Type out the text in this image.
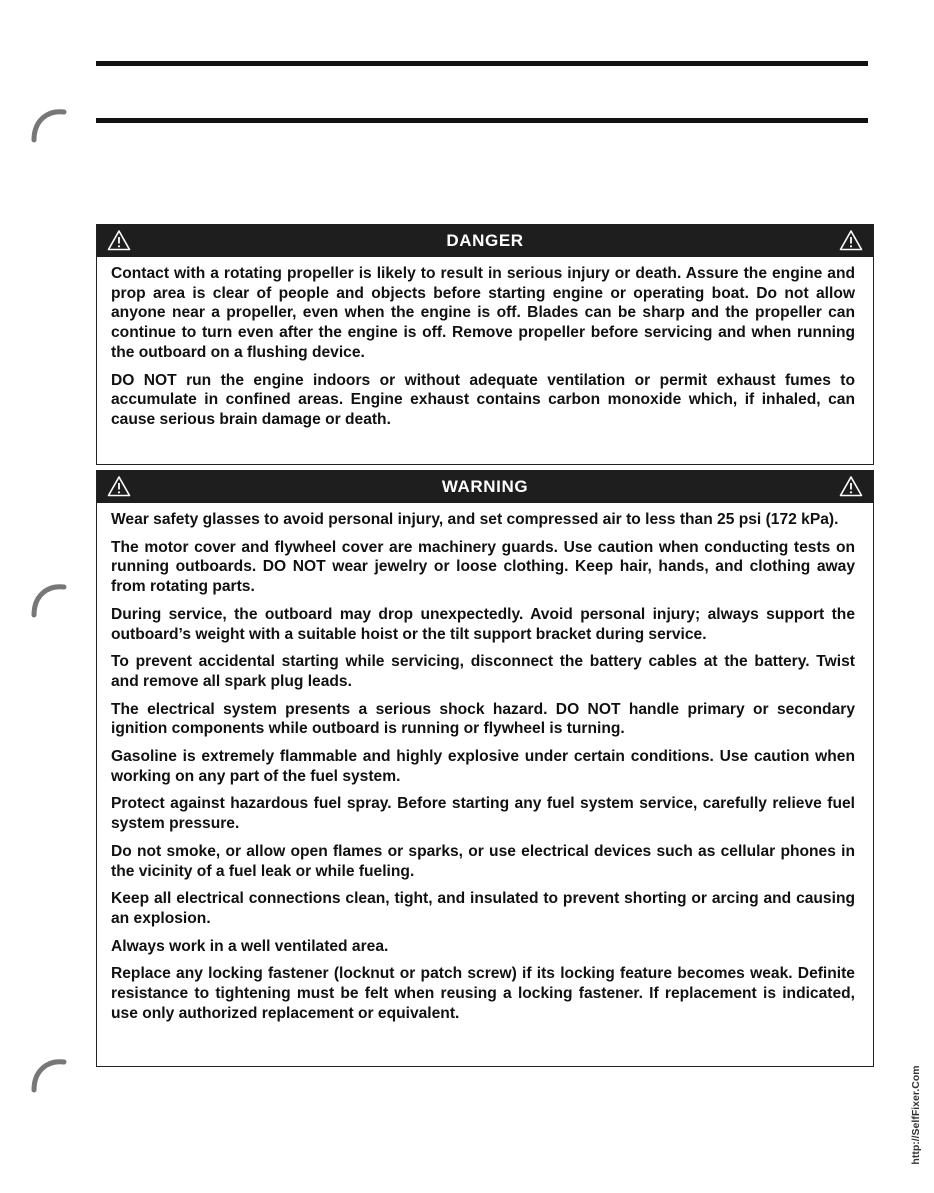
DANGER

Contact with a rotating propeller is likely to result in serious injury or death. Assure the engine and prop area is clear of people and objects before starting engine or operating boat. Do not allow anyone near a propeller, even when the engine is off. Blades can be sharp and the propeller can continue to turn even after the engine is off. Remove propeller before servicing and when running the outboard on a flushing device.

DO NOT run the engine indoors or without adequate ventilation or permit exhaust fumes to accumulate in confined areas. Engine exhaust contains carbon monoxide which, if inhaled, can cause serious brain damage or death.

WARNING

Wear safety glasses to avoid personal injury, and set compressed air to less than 25 psi (172 kPa).

The motor cover and flywheel cover are machinery guards. Use caution when conducting tests on running outboards. DO NOT wear jewelry or loose clothing. Keep hair, hands, and clothing away from rotating parts.

During service, the outboard may drop unexpectedly. Avoid personal injury; always support the outboard’s weight with a suitable hoist or the tilt support bracket during service.

To prevent accidental starting while servicing, disconnect the battery cables at the battery. Twist and remove all spark plug leads.

The electrical system presents a serious shock hazard. DO NOT handle primary or secondary ignition components while outboard is running or flywheel is turning.

Gasoline is extremely flammable and highly explosive under certain conditions. Use caution when working on any part of the fuel system.

Protect against hazardous fuel spray. Before starting any fuel system service, carefully relieve fuel system pressure.

Do not smoke, or allow open flames or sparks, or use electrical devices such as cellular phones in the vicinity of a fuel leak or while fueling.

Keep all electrical connections clean, tight, and insulated to prevent shorting or arcing and causing an explosion.

Always work in a well ventilated area.

Replace any locking fastener (locknut or patch screw) if its locking feature becomes weak. Definite resistance to tightening must be felt when reusing a locking fastener. If replacement is indicated, use only authorized replacement or equivalent.

http://SelfFixer.Com
